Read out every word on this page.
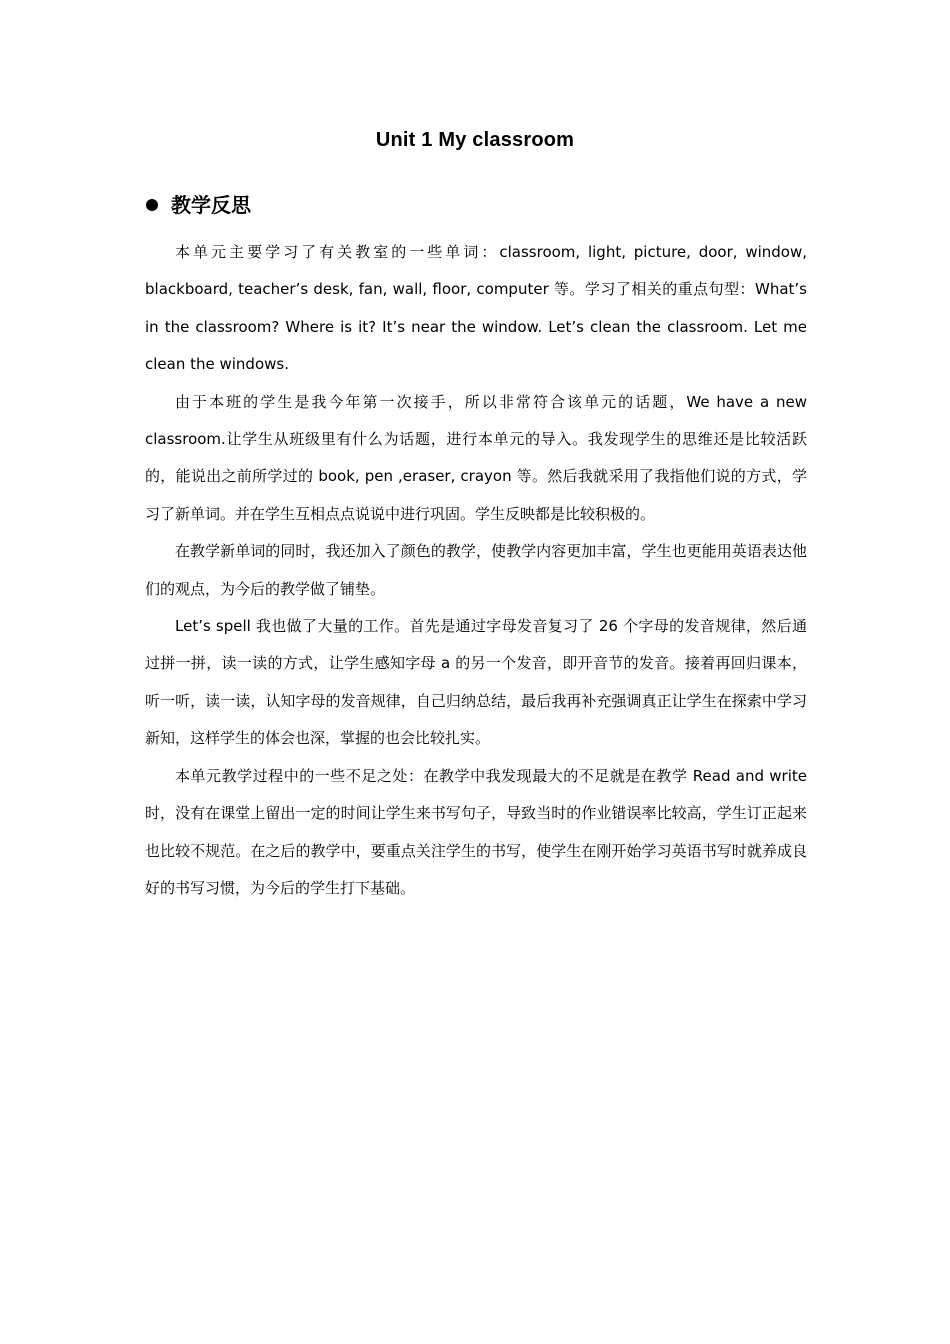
Unit 1 My classroom
教学反思

本单元主要学习了有关教室的一些单词：classroom, light, picture, door, window, blackboard, teacher’s desk, fan, wall, floor, computer 等。学习了相关的重点句型：What’s in the classroom? Where is it? It’s near the window. Let’s clean the classroom. Let me clean the windows.

由于本班的学生是我今年第一次接手，所以非常符合该单元的话题，We have a new classroom.让学生从班级里有什么为话题，进行本单元的导入。我发现学生的思维还是比较活跃的，能说出之前所学过的 book, pen ,eraser, crayon 等。然后我就采用了我指他们说的方式，学习了新单词。并在学生互相点点说说中进行巩固。学生反映都是比较积极的。

在教学新单词的同时，我还加入了颜色的教学，使教学内容更加丰富，学生也更能用英语表达他们的观点，为今后的教学做了铺垫。

Let’s spell 我也做了大量的工作。首先是通过字母发音复习了 26 个字母的发音规律，然后通过拼一拼，读一读的方式，让学生感知字母 a 的另一个发音，即开音节的发音。接着再回归课本，听一听，读一读，认知字母的发音规律，自己归纳总结，最后我再补充强调真正让学生在探索中学习新知，这样学生的体会也深，掌握的也会比较扎实。

本单元教学过程中的一些不足之处：在教学中我发现最大的不足就是在教学 Read and write 时，没有在课堂上留出一定的时间让学生来书写句子，导致当时的作业错误率比较高，学生订正起来也比较不规范。在之后的教学中，要重点关注学生的书写，使学生在刚开始学习英语书写时就养成良好的书写习惯，为今后的学生打下基础。
